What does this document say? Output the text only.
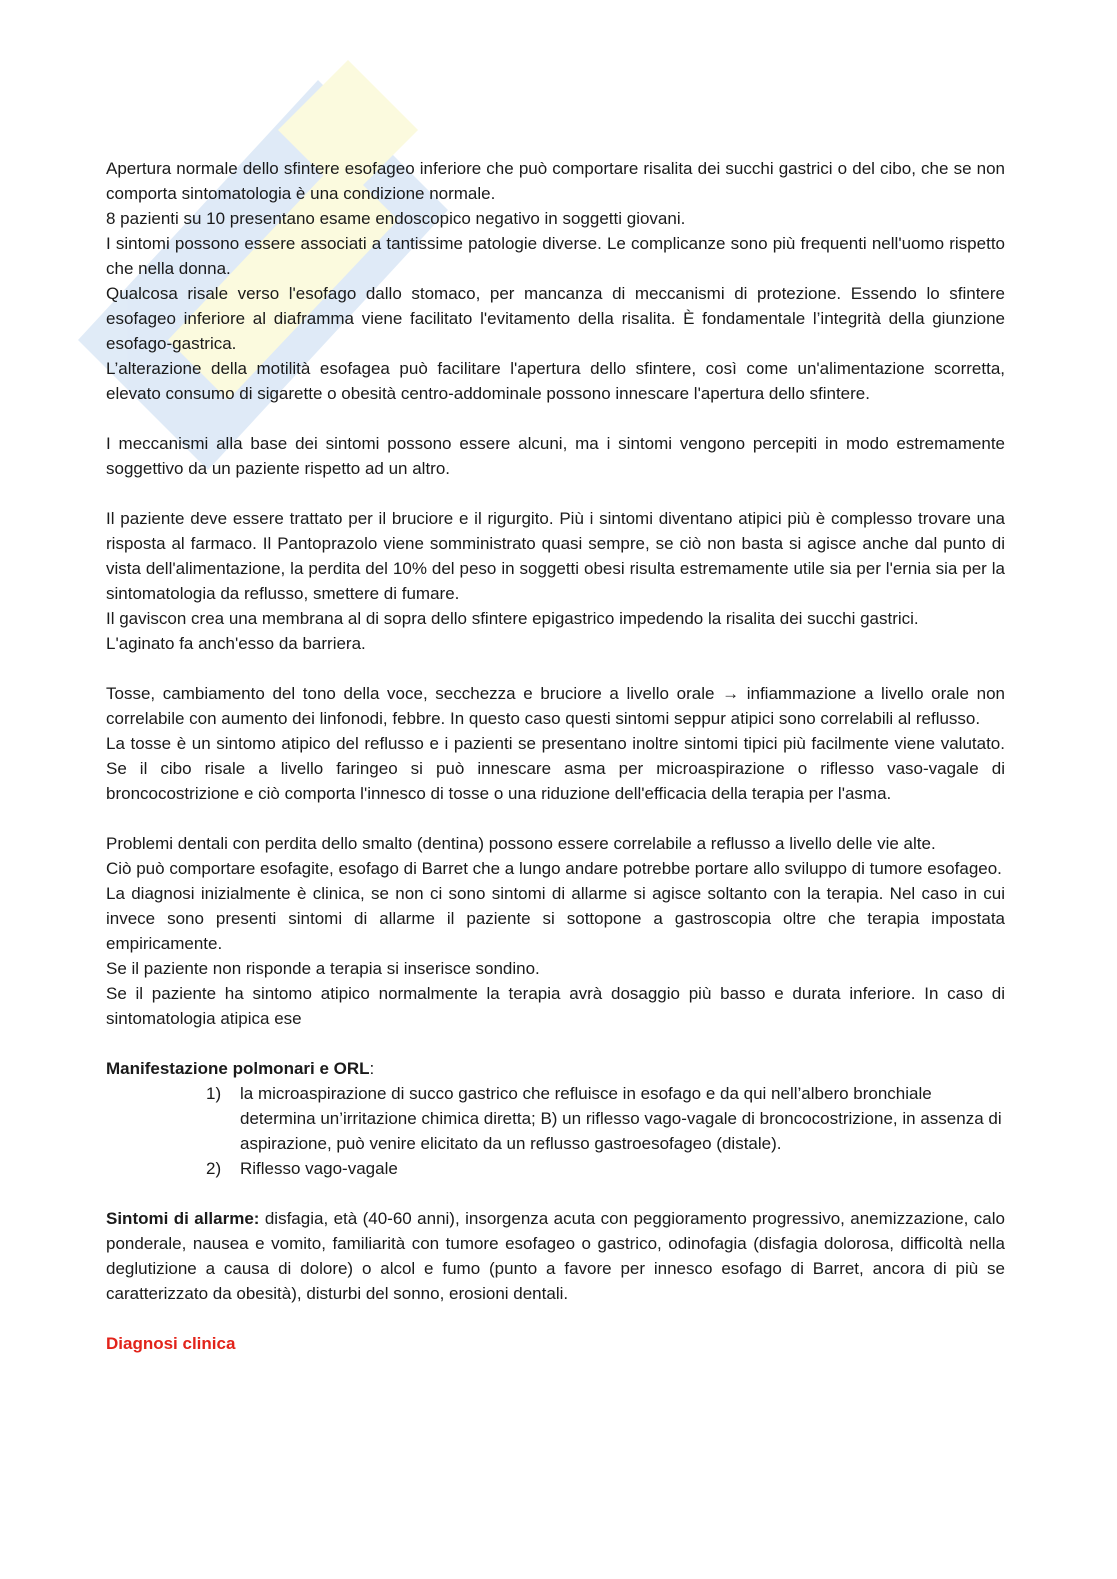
Apertura normale dello sfintere esofageo inferiore che può comportare risalita dei succhi gastrici o del cibo, che se non comporta sintomatologia è una condizione normale.

8 pazienti su 10 presentano esame endoscopico negativo in soggetti giovani.

I sintomi possono essere associati a tantissime patologie diverse. Le complicanze sono più frequenti nell'uomo rispetto che nella donna.

Qualcosa risale verso l'esofago dallo stomaco, per mancanza di meccanismi di protezione. Essendo lo sfintere esofageo inferiore al diaframma viene facilitato l'evitamento della risalita. È fondamentale l’integrità della giunzione esofago-gastrica.

L’alterazione della motilità esofagea può facilitare l'apertura dello sfintere, così come un'alimentazione scorretta, elevato consumo di sigarette o obesità centro-addominale possono innescare l'apertura dello sfintere.

I meccanismi alla base dei sintomi possono essere alcuni, ma i sintomi vengono percepiti in modo estremamente soggettivo da un paziente rispetto ad un altro.

Il paziente deve essere trattato per il bruciore e il rigurgito. Più i sintomi diventano atipici più è complesso trovare una risposta al farmaco. Il Pantoprazolo viene somministrato quasi sempre, se ciò non basta si agisce anche dal punto di vista dell'alimentazione, la perdita del 10% del peso in soggetti obesi risulta estremamente utile sia per l'ernia sia per la sintomatologia da reflusso, smettere di fumare.

Il gaviscon crea una membrana al di sopra dello sfintere epigastrico impedendo la risalita dei succhi gastrici.

L'aginato fa anch'esso da barriera.

Tosse, cambiamento del tono della voce, secchezza e bruciore a livello orale → infiammazione a livello orale non correlabile con aumento dei linfonodi, febbre. In questo caso questi sintomi seppur atipici sono correlabili al reflusso.

La tosse è un sintomo atipico del reflusso e i pazienti se presentano inoltre sintomi tipici più facilmente viene valutato. Se il cibo risale a livello faringeo si può innescare asma per microaspirazione o riflesso vaso-vagale di broncocostrizione e ciò comporta l'innesco di tosse o una riduzione dell'efficacia della terapia per l'asma.

Problemi dentali con perdita dello smalto (dentina) possono essere correlabile a reflusso a livello delle vie alte.

Ciò può comportare esofagite, esofago di Barret che a lungo andare potrebbe portare allo sviluppo di tumore esofageo.

La diagnosi inizialmente è clinica, se non ci sono sintomi di allarme si agisce soltanto con la terapia. Nel caso in cui invece sono presenti sintomi di allarme il paziente si sottopone a gastroscopia oltre che terapia impostata empiricamente.

Se il paziente non risponde a terapia si inserisce sondino.

Se il paziente ha sintomo atipico normalmente la terapia avrà dosaggio più basso e durata inferiore. In caso di sintomatologia atipica ese

Manifestazione polmonari e ORL:

1) la microaspirazione di succo gastrico che refluisce in esofago e da qui nell’albero bronchiale determina un’irritazione chimica diretta; B) un riflesso vago-vagale di broncocostrizione, in assenza di aspirazione, può venire elicitato da un reflusso gastroesofageo (distale).
2) Riflesso vago-vagale

Sintomi di allarme: disfagia, età (40-60 anni), insorgenza acuta con peggioramento progressivo, anemizzazione, calo ponderale, nausea e vomito, familiarità con tumore esofageo o gastrico, odinofagia (disfagia dolorosa, difficoltà nella deglutizione a causa di dolore) o alcol e fumo (punto a favore per innesco esofago di Barret, ancora di più se caratterizzato da obesità), disturbi del sonno, erosioni dentali.

Diagnosi clinica
